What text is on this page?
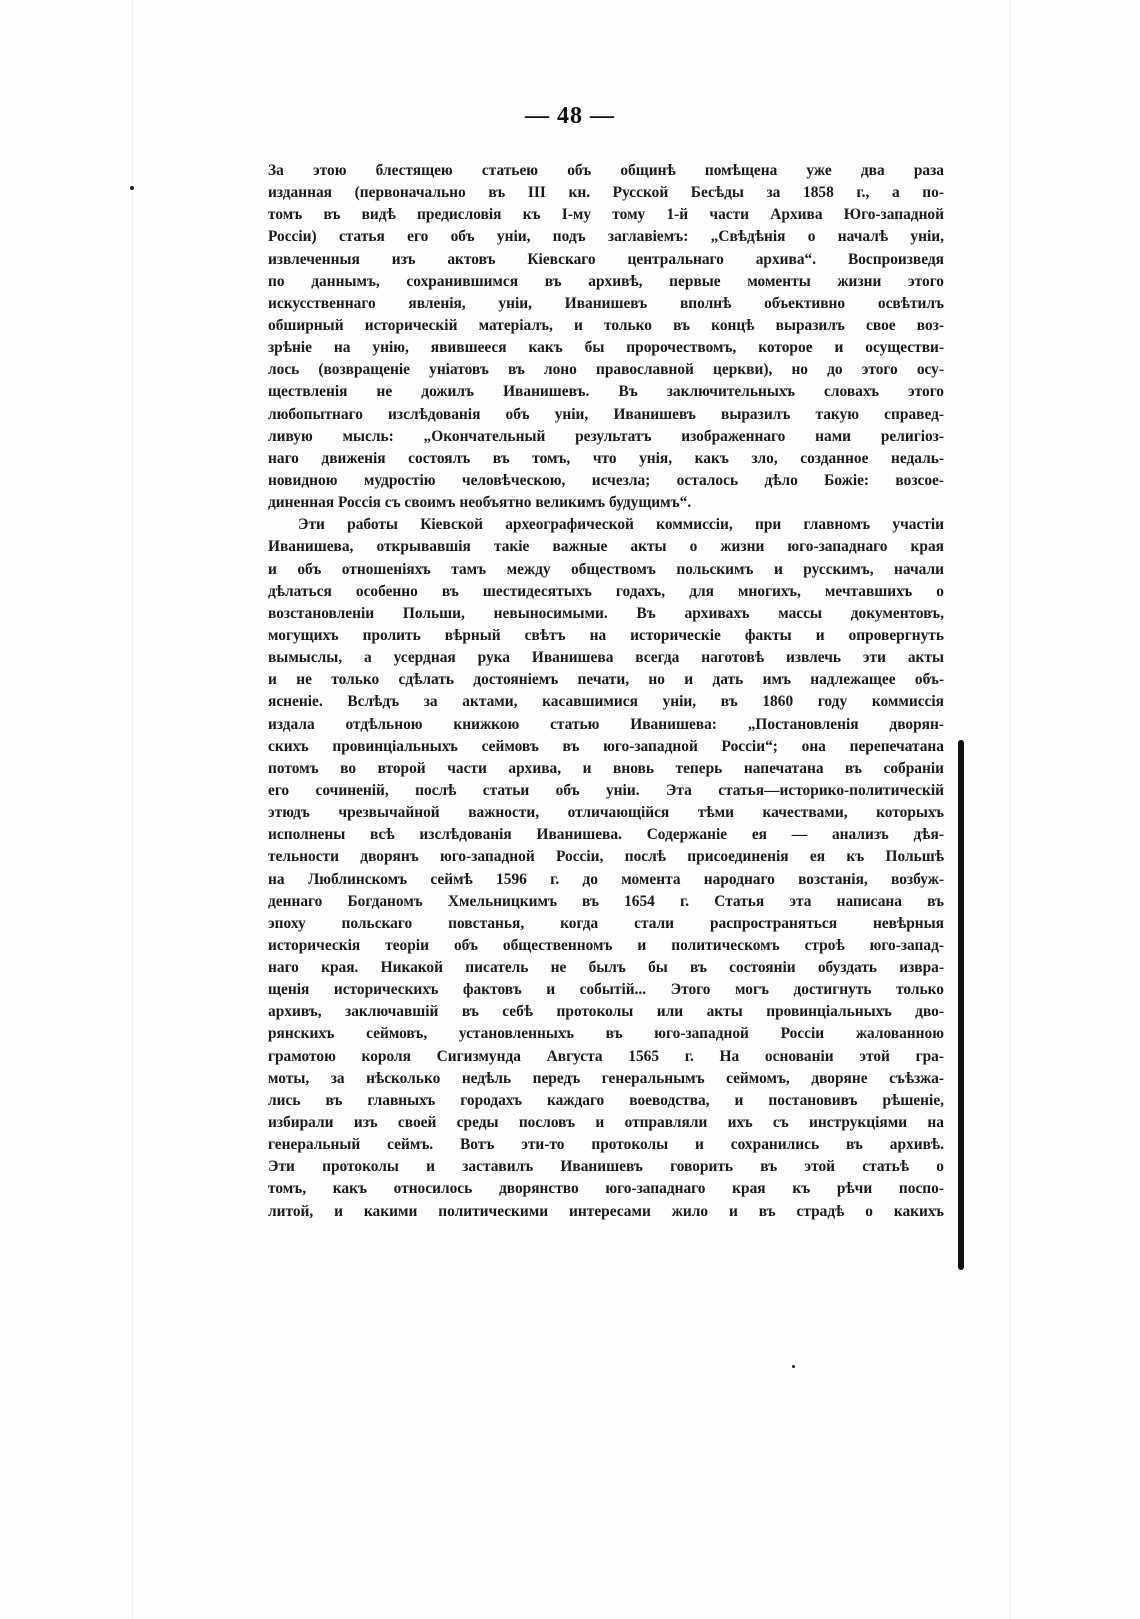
— 48 —
За этою блестящею статьею объ общинѣ помѣщена уже два раза
изданная (первоначально въ III кн. Русской Бесѣды за 1858 г., а по-
томъ въ видѣ предисловія къ I-му тому 1-й части Архива Юго-западной
Россіи) статья его объ уніи, подъ заглавіемъ: „Свѣдѣнія о началѣ уніи,
извлеченныя изъ актовъ Кіевскаго центральнаго архива“. Воспроизведя
по даннымъ, сохранившимся въ архивѣ, первые моменты жизни этого
искусственнаго явленія, уніи, Иванишевъ вполнѣ объективно освѣтилъ
обширный историческій матеріалъ, и только въ концѣ выразилъ свое воз-
зрѣніе на унію, явившееся какъ бы пророчествомъ, которое и осуществи-
лось (возвращеніе уніатовъ въ лоно православной церкви), но до этого осу-
ществленія не дожилъ Иванишевъ. Въ заключительныхъ словахъ этого
любопытнаго изслѣдованія объ уніи, Иванишевъ выразилъ такую справед-
ливую мысль: „Окончательный результатъ изображеннаго нами религіоз-
наго движенія состоялъ въ томъ, что унія, какъ зло, созданное недаль-
новидною мудростію человѣческою, исчезла; осталось дѣло Божіе: возсое-
диненная Россія съ своимъ необъятно великимъ будущимъ“.
Эти работы Кіевской археографической коммиссіи, при главномъ участіи
Иванишева, открывавшія такіе важные акты о жизни юго-западнаго края
и объ отношеніяхъ тамъ между обществомъ польскимъ и русскимъ, начали
дѣлаться особенно въ шестидесятыхъ годахъ, для многихъ, мечтавшихъ о
возстановленіи Польши, невыносимыми. Въ архивахъ массы документовъ,
могущихъ пролить вѣрный свѣтъ на историческіе факты и опровергнуть
вымыслы, а усердная рука Иванишева всегда наготовѣ извлечь эти акты
и не только сдѣлать достояніемъ печати, но и дать имъ надлежащее объ-
ясненіе. Вслѣдъ за актами, касавшимися уніи, въ 1860 году коммиссія
издала отдѣльною книжкою статью Иванишева: „Постановленія дворян-
скихъ провинціальныхъ сеймовъ въ юго-западной Россіи“; она перепечатана
потомъ во второй части архива, и вновь теперь напечатана въ собраніи
его сочиненій, послѣ статьи объ уніи. Эта статья—историко-политическій
этюдъ чрезвычайной важности, отличающійся тѣми качествами, которыхъ
исполнены всѣ изслѣдованія Иванишева. Содержаніе ея — анализъ дѣя-
тельности дворянъ юго-западной Россіи, послѣ присоединенія ея къ Польшѣ
на Люблинскомъ сеймѣ 1596 г. до момента народнаго возстанія, возбуж-
деннаго Богданомъ Хмельницкимъ въ 1654 г. Статья эта написана въ
эпоху польскаго повстанья, когда стали распространяться невѣрныя
историческія теоріи объ общественномъ и политическомъ строѣ юго-запад-
наго края. Никакой писатель не былъ бы въ состояніи обуздать извра-
щенія историческихъ фактовъ и событій... Этого могъ достигнуть только
архивъ, заключавшій въ себѣ протоколы или акты провинціальныхъ дво-
рянскихъ сеймовъ, установленныхъ въ юго-западной Россіи жалованною
грамотою короля Сигизмунда Августа 1565 г. На основаніи этой гра-
моты, за нѣсколько недѣль передъ генеральнымъ сеймомъ, дворяне съѣзжа-
лись въ главныхъ городахъ каждаго воеводства, и постановивъ рѣшеніе,
избирали изъ своей среды пословъ и отправляли ихъ съ инструкціями на
генеральный сеймъ. Вотъ эти-то протоколы и сохранились въ архивѣ.
Эти протоколы и заставилъ Иванишевъ говорить въ этой статьѣ о
томъ, какъ относилось дворянство юго-западнаго края къ рѣчи поспо-
литой, и какими политическими интересами жило и въ страдѣ о какихъ
